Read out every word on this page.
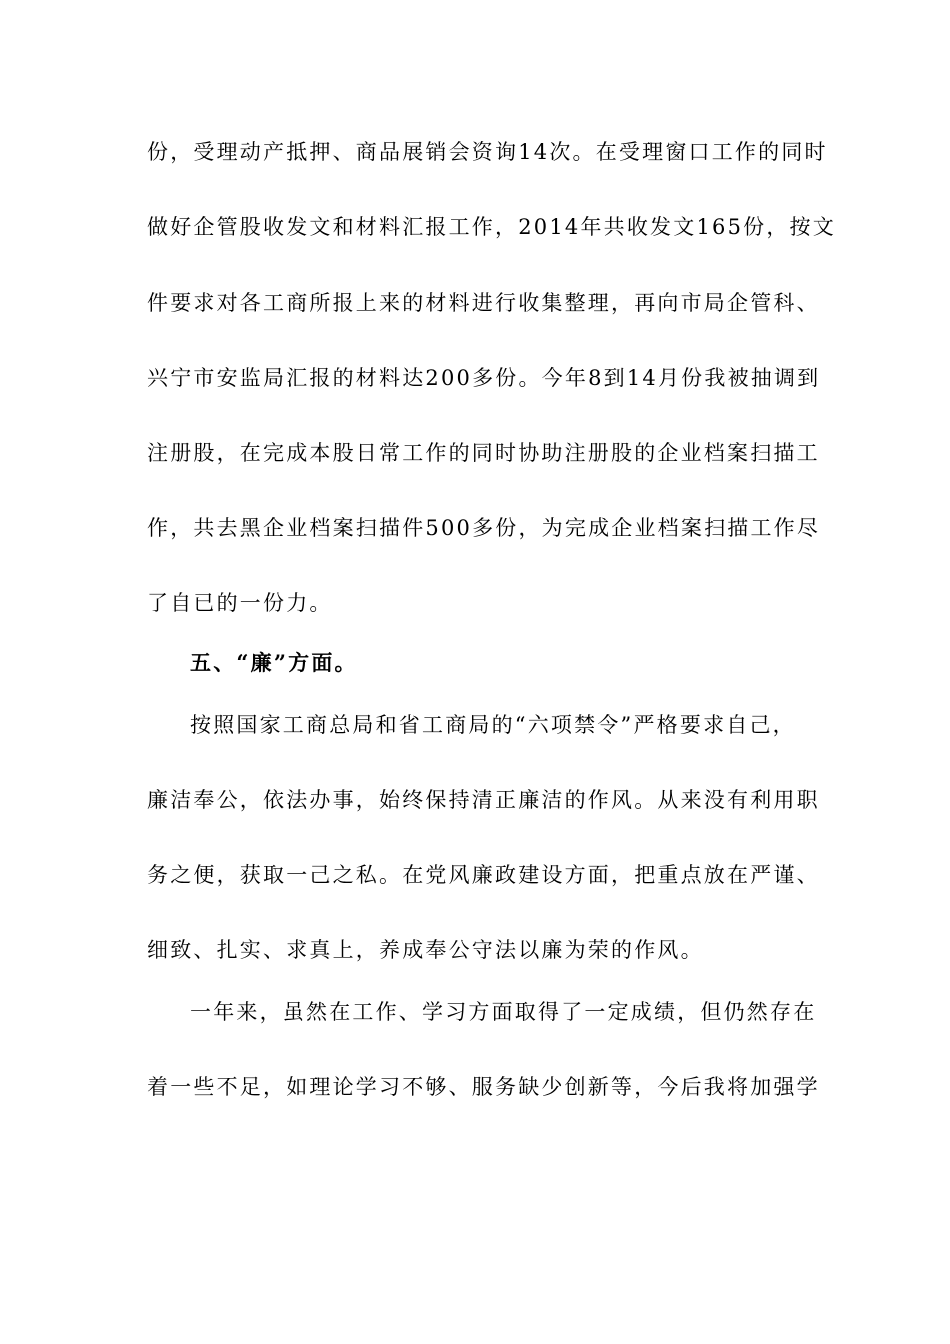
份，受理动产抵押、商品展销会资询14次。在受理窗口工作的同时
做好企管股收发文和材料汇报工作，2014年共收发文165份，按文
件要求对各工商所报上来的材料进行收集整理，再向市局企管科、
兴宁市安监局汇报的材料达200多份。今年8到14月份我被抽调到
注册股，在完成本股日常工作的同时协助注册股的企业档案扫描工
作，共去黑企业档案扫描件500多份，为完成企业档案扫描工作尽
了自已的一份力。
五、“廉”方面。
按照国家工商总局和省工商局的“六项禁令”严格要求自己，
廉洁奉公，依法办事，始终保持清正廉洁的作风。从来没有利用职
务之便，获取一己之私。在党风廉政建设方面，把重点放在严谨、
细致、扎实、求真上，养成奉公守法以廉为荣的作风。
一年来，虽然在工作、学习方面取得了一定成绩，但仍然存在
着一些不足，如理论学习不够、服务缺少创新等，今后我将加强学
